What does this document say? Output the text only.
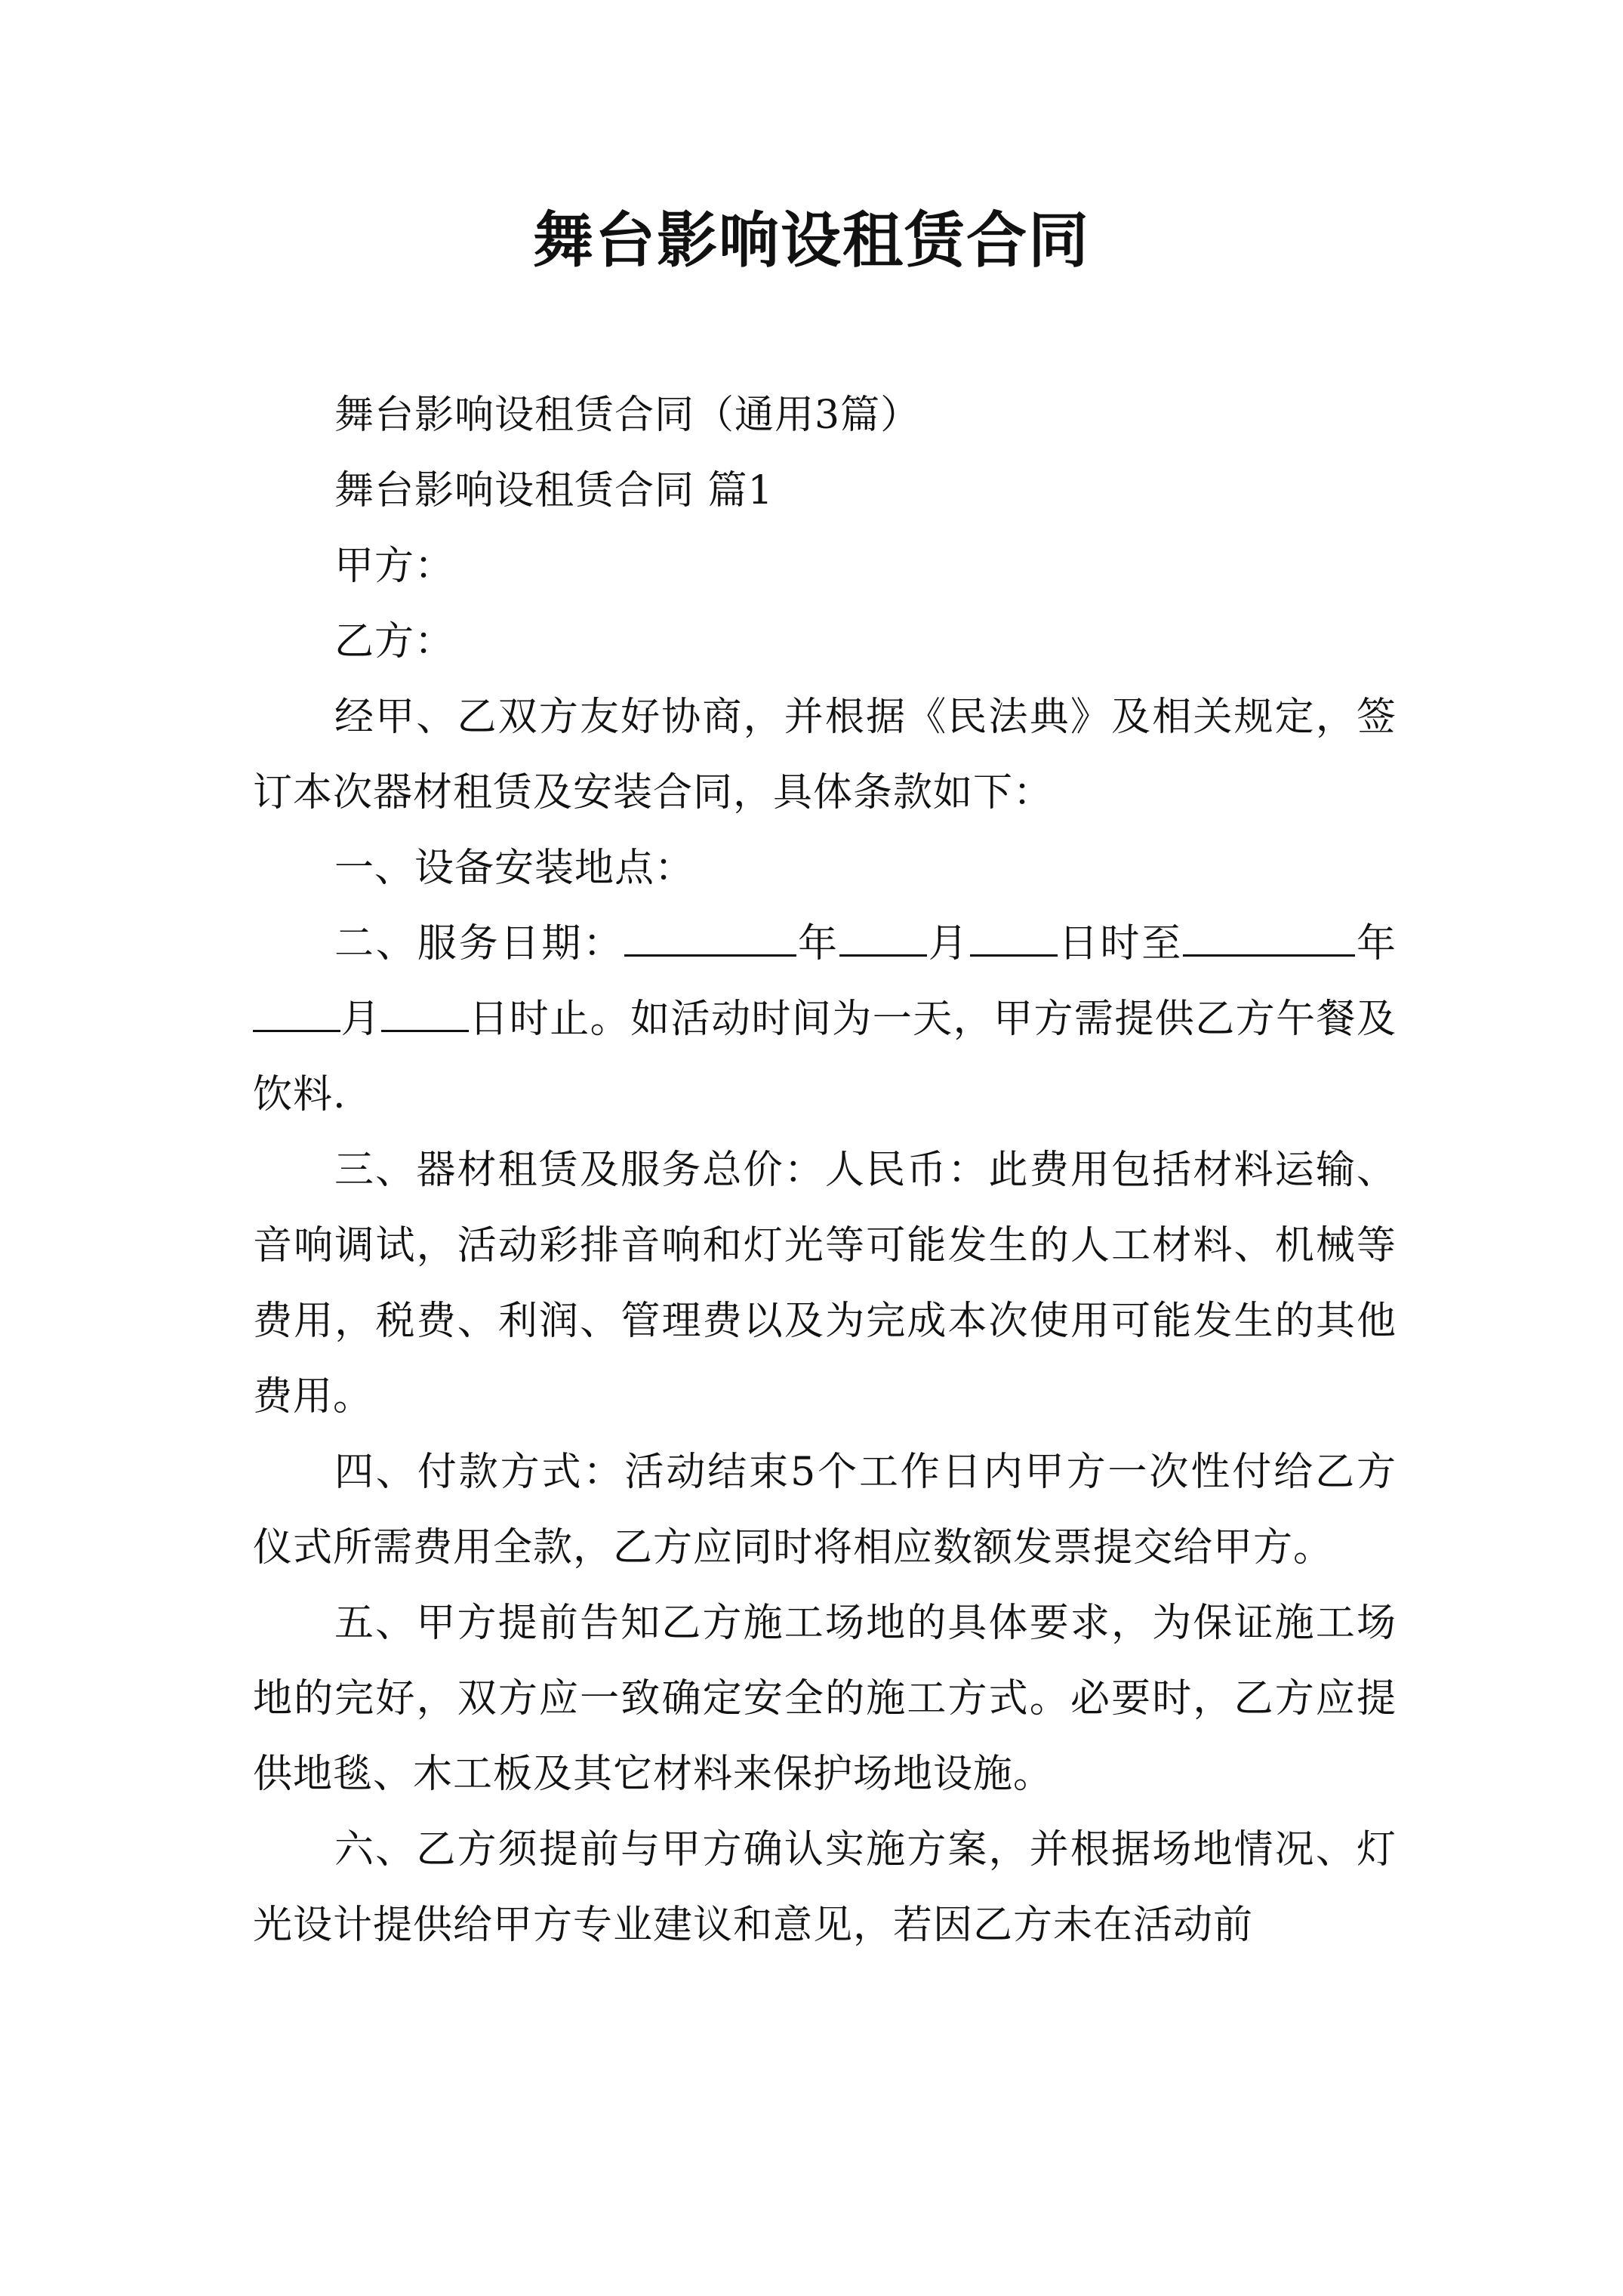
舞台影响设租赁合同

舞台影响设租赁合同（通用3篇）

舞台影响设租赁合同 篇1

甲方：

乙方：

经甲、乙双方友好协商，并根据《民法典》及相关规定，签订本次器材租赁及安装合同，具体条款如下：

一、设备安装地点：

二、服务日期：	年 月 日时至	年月 日时止。如活动时间为一天，甲方需提供乙方午餐及饮料.

三、器材租赁及服务总价：人民币：此费用包括材料运输、音响调试，活动彩排音响和灯光等可能发生的人工材料、机械等费用，税费、利润、管理费以及为完成本次使用可能发生的其他费用。

四、付款方式：活动结束5个工作日内甲方一次性付给乙方仪式所需费用全款，乙方应同时将相应数额发票提交给甲方。

五、甲方提前告知乙方施工场地的具体要求，为保证施工场地的完好，双方应一致确定安全的施工方式。必要时，乙方应提供地毯、木工板及其它材料来保护场地设施。

六、乙方须提前与甲方确认实施方案，并根据场地情况、灯光设计提供给甲方专业建议和意见，若因乙方未在活动前
